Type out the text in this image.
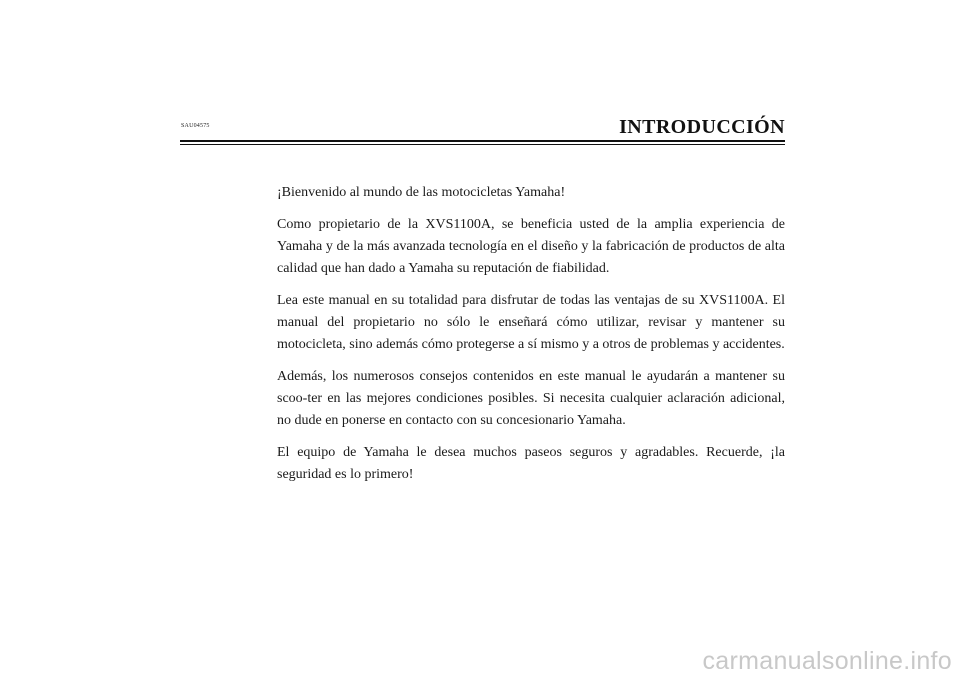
SAU04575	INTRODUCCIÓN

¡Bienvenido al mundo de las motocicletas Yamaha!

Como propietario de la XVS1100A, se beneficia usted de la amplia experiencia de Yamaha y de la más avanzada tecnología en el diseño y la fabricación de productos de alta calidad que han dado a Yamaha su reputación de fiabilidad.

Lea este manual en su totalidad para disfrutar de todas las ventajas de su XVS1100A. El manual del propietario no sólo le enseñará cómo utilizar, revisar y mantener su motocicleta, sino además cómo protegerse a sí mismo y a otros de problemas y accidentes.

Además, los numerosos consejos contenidos en este manual le ayudarán a mantener su scoo-ter en las mejores condiciones posibles. Si necesita cualquier aclaración adicional, no dude en ponerse en contacto con su concesionario Yamaha.

El equipo de Yamaha le desea muchos paseos seguros y agradables. Recuerde, ¡la seguridad es lo primero!

carmanualsonline.info
